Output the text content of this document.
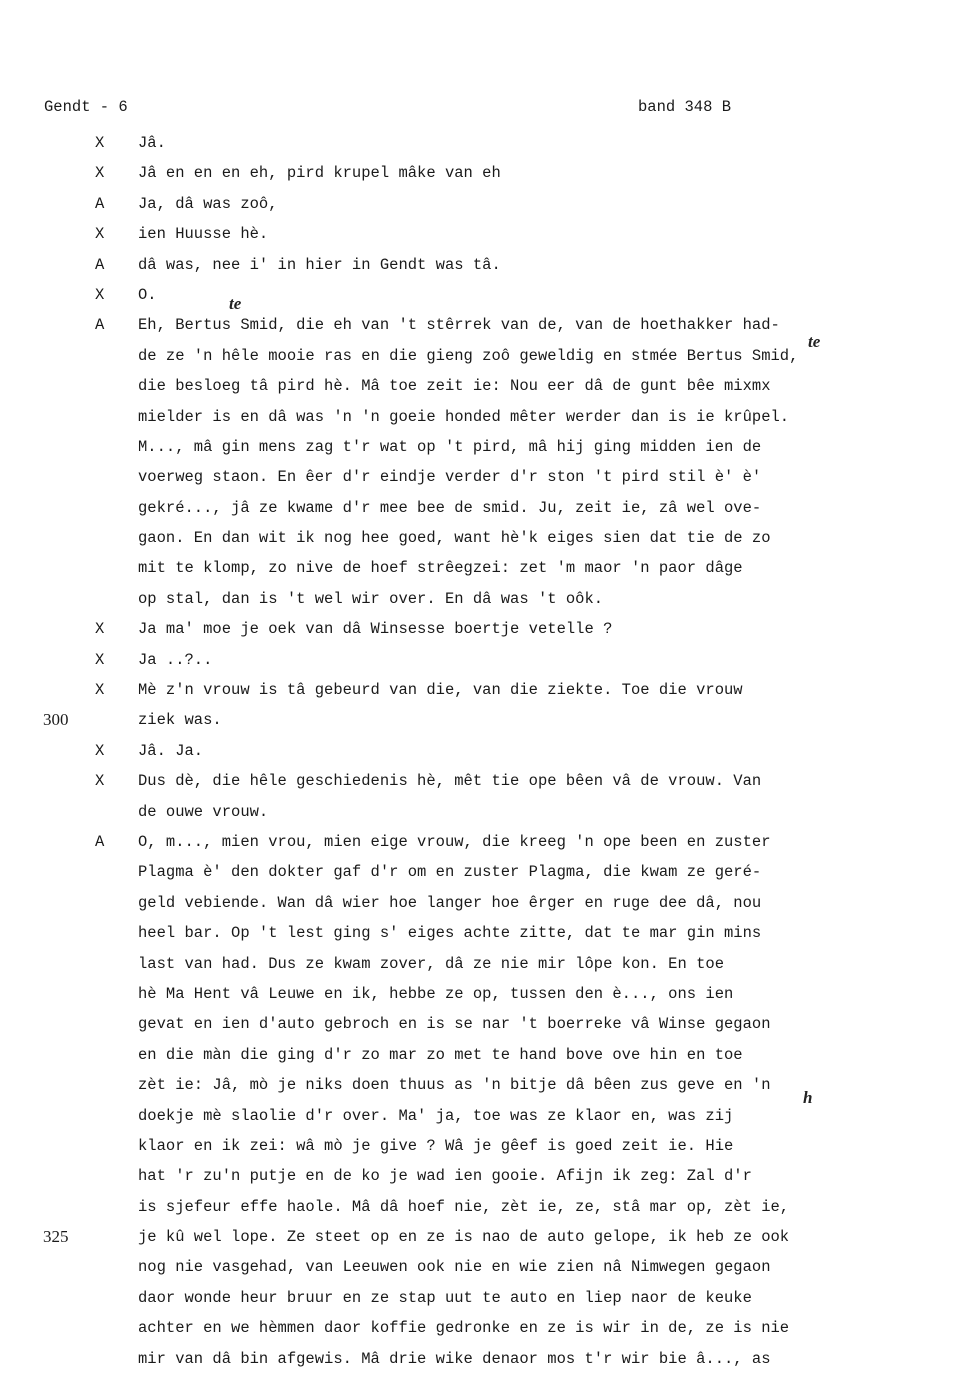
Gendt - 6	band 348 B
te
te
h
X Jâ.
X Jâ en en en eh, pird krupel mâke van eh
A Ja, dâ was zoô,
X ien Huusse hè.
A dâ was, nee i' in hier in Gendt was tâ.
X O.
A Eh, Bertus Smid, die eh van 't stêrrek van de, van de hoethakker had-
de ze 'n hêle mooie ras en die gieng zoô geweldig en stmée Bertus Smid,
die besloeg tâ pird hè. Mâ toe zeit ie: Nou eer dâ de gunt bêe mixmx
mielder is en dâ was 'n 'n goeie honded mêter werder dan is ie krûpel.
M..., mâ gin mens zag t'r wat op 't pird, mâ hij ging midden ien de
voerweg staon. En êer d'r eindje verder d'r ston 't pird stil è' è'
gekré..., jâ ze kwame d'r mee bee de smid. Ju, zeit ie, zâ wel ove-
gaon. En dan wit ik nog hee goed, want hè'k eiges sien dat tie de zo
mit te klomp, zo nive de hoef strêegzei: zet 'm maor 'n paor dâge
op stal, dan is 't wel wir over. En dâ was 't oôk.
X Ja ma' moe je oek van dâ Winsesse boertje vetelle ?
X Ja ..?..
X Mè z'n vrouw is tâ gebeurd van die, van die ziekte. Toe die vrouw
300	ziek was.
X Jâ. Ja.
X Dus dè, die hêle geschiedenis hè, mêt tie ope bêen vâ de vrouw. Van
de ouwe vrouw.
A O, m..., mien vrou, mien eige vrouw, die kreeg 'n ope been en zuster
Plagma è' den dokter gaf d'r om en zuster Plagma, die kwam ze geré-
geld vebiende. Wan dâ wier hoe langer hoe êrger en ruge dee dâ, nou
heel bar. Op 't lest ging s' eiges achte zitte, dat te mar gin mins
last van had. Dus ze kwam zover, dâ ze nie mir lôpe kon. En toe
hè Ma Hent vâ Leuwe en ik, hebbe ze op, tussen den è..., ons ien
gevat en ien d'auto gebroch en is se nar 't boerreke vâ Winse gegaon
en die màn die ging d'r zo mar zo met te hand bove ove hin en toe
zèt ie: Jâ, mò je niks doen thuus as 'n bitje dâ bêen zus geve en 'n
doekje mè slaolie d'r over. Ma' ja, toe was ze klaor en, was zij
klaor en ik zei: wâ mò je give ? Wâ je gêef is goed zeit ie. Hie
hat 'r zu'n putje en de ko je wad ien gooie. Afijn ik zeg: Zal d'r
is sjefeur effe haole. Mâ dâ hoef nie, zèt ie, ze, stâ mar op, zèt ie,
325	je kû wel lope. Ze steet op en ze is nao de auto gelope, ik heb ze ook
nog nie vasgehad, van Leeuwen ook nie en wie zien nâ Nimwegen gegaon
daor wonde heur bruur en ze stap uut te auto en liep naor de keuke
achter en we hèmmen daor koffie gedronke en ze is wir in de, ze is nie
mir van dâ bin afgewis. Mâ drie wike denaor mos t'r wir bie â..., as
